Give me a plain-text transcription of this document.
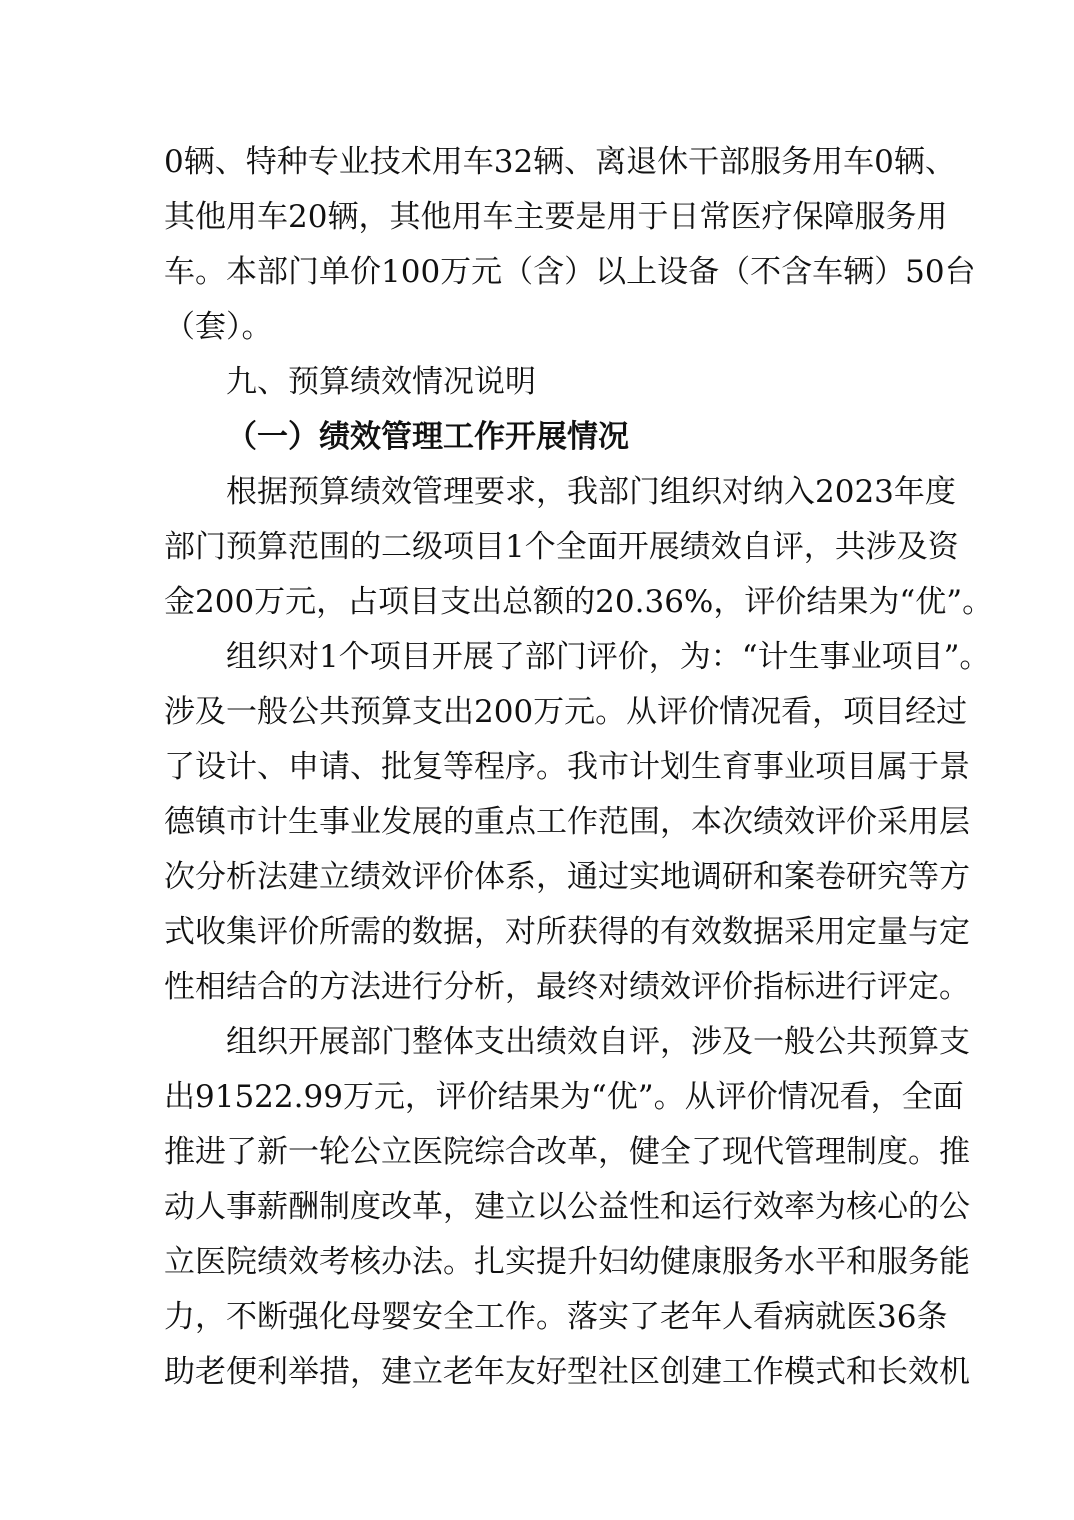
0辆、特种专业技术用车32辆、离退休干部服务用车0辆、
其他用车20辆，其他用车主要是用于日常医疗保障服务用
车。本部门单价100万元（含）以上设备（不含车辆）50台
（套）。
九、预算绩效情况说明
（一）绩效管理工作开展情况
根据预算绩效管理要求，我部门组织对纳入2023年度
部门预算范围的二级项目1个全面开展绩效自评，共涉及资
金200万元，占项目支出总额的20.36%，评价结果为“优”。
组织对1个项目开展了部门评价，为：“计生事业项目”。
涉及一般公共预算支出200万元。从评价情况看，项目经过
了设计、申请、批复等程序。我市计划生育事业项目属于景
德镇市计生事业发展的重点工作范围，本次绩效评价采用层
次分析法建立绩效评价体系，通过实地调研和案卷研究等方
式收集评价所需的数据，对所获得的有效数据采用定量与定
性相结合的方法进行分析，最终对绩效评价指标进行评定。
组织开展部门整体支出绩效自评，涉及一般公共预算支
出91522.99万元，评价结果为“优”。从评价情况看，全面
推进了新一轮公立医院综合改革，健全了现代管理制度。推
动人事薪酬制度改革，建立以公益性和运行效率为核心的公
立医院绩效考核办法。扎实提升妇幼健康服务水平和服务能
力，不断强化母婴安全工作。落实了老年人看病就医36条
助老便利举措，建立老年友好型社区创建工作模式和长效机
